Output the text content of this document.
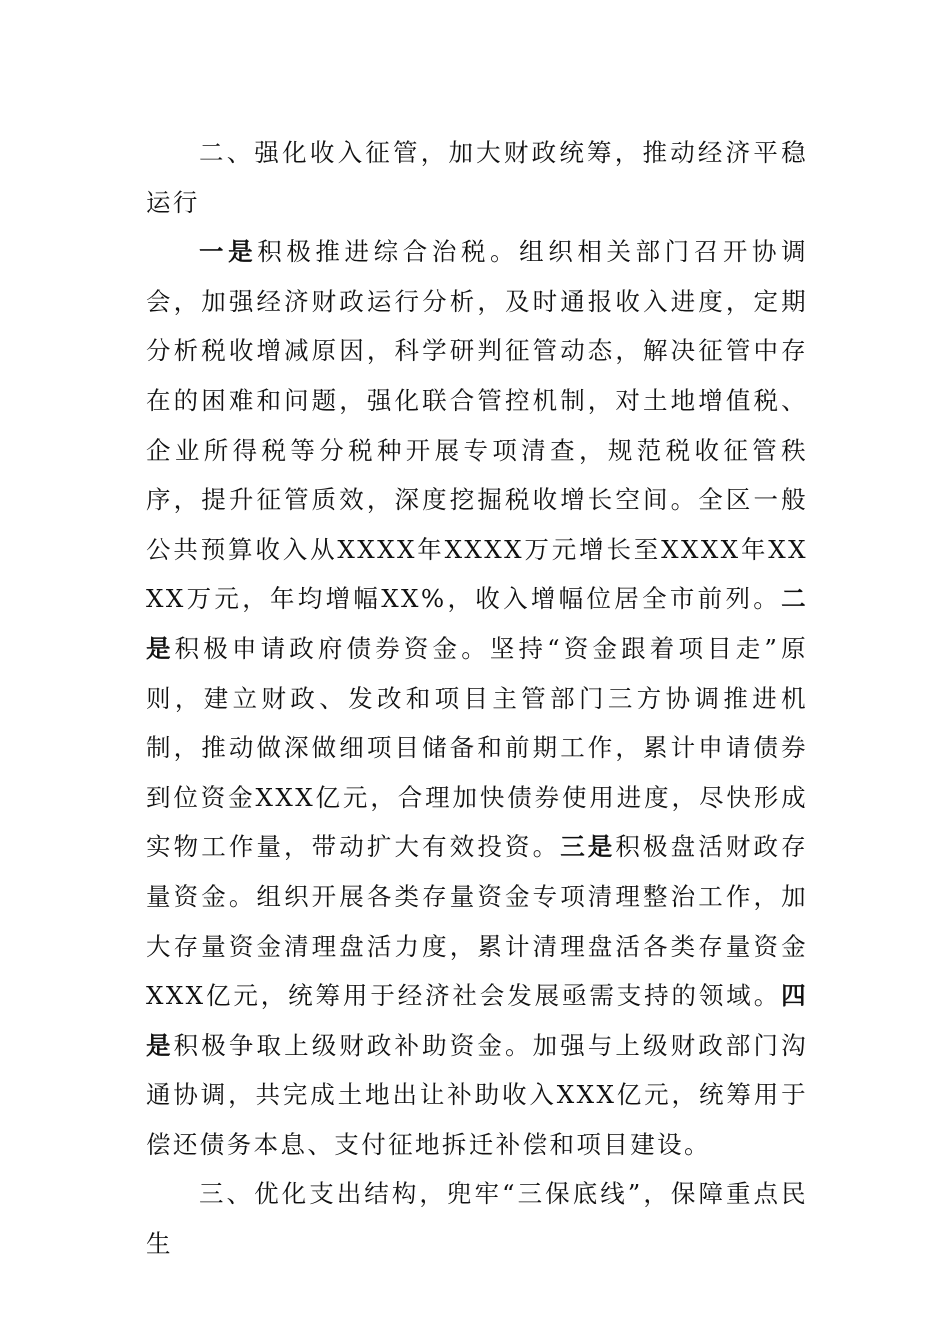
二、强化收入征管，加大财政统筹，推动经济平稳运行

一是积极推进综合治税。组织相关部门召开协调会，加强经济财政运行分析，及时通报收入进度，定期分析税收增减原因，科学研判征管动态，解决征管中存在的困难和问题，强化联合管控机制，对土地增值税、企业所得税等分税种开展专项清查，规范税收征管秩序，提升征管质效，深度挖掘税收增长空间。全区一般公共预算收入从XXXX年XXXX万元增长至XXXX年XXXX万元，年均增幅XX%，收入增幅位居全市前列。二是积极申请政府债券资金。坚持“资金跟着项目走”原则，建立财政、发改和项目主管部门三方协调推进机制，推动做深做细项目储备和前期工作，累计申请债券到位资金XXX亿元，合理加快债券使用进度，尽快形成实物工作量，带动扩大有效投资。三是积极盘活财政存量资金。组织开展各类存量资金专项清理整治工作，加大存量资金清理盘活力度，累计清理盘活各类存量资金XXX亿元，统筹用于经济社会发展亟需支持的领域。四是积极争取上级财政补助资金。加强与上级财政部门沟通协调，共完成土地出让补助收入XXX亿元，统筹用于偿还债务本息、支付征地拆迁补偿和项目建设。

三、优化支出结构，兜牢“三保底线”，保障重点民生
